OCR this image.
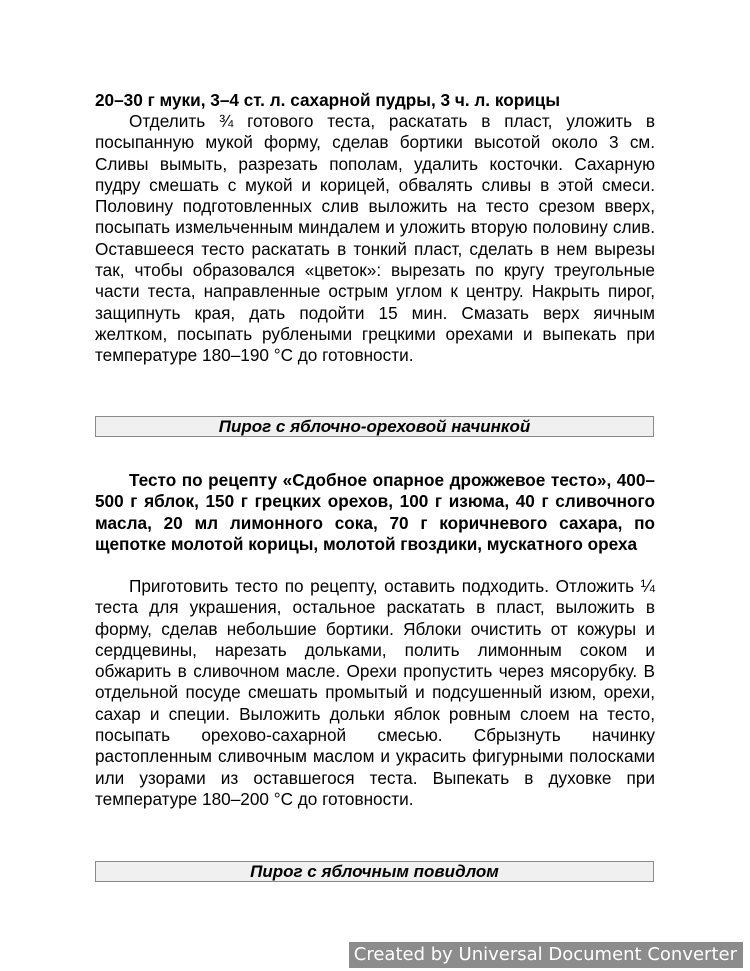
20–30 г муки, 3–4 ст. л. сахарной пудры, 3 ч. л. корицы

Отделить ¾ готового теста, раскатать в пласт, уложить в посыпанную мукой форму, сделав бортики высотой около 3 см. Сливы вымыть, разрезать пополам, удалить косточки. Сахарную пудру смешать с мукой и корицей, обвалять сливы в этой смеси. Половину подготовленных слив выложить на тесто срезом вверх, посыпать измельченным миндалем и уложить вторую половину слив. Оставшееся тесто раскатать в тонкий пласт, сделать в нем вырезы так, чтобы образовался «цветок»: вырезать по кругу треугольные части теста, направленные острым углом к центру. Накрыть пирог, защипнуть края, дать подойти 15 мин. Смазать верх яичным желтком, посыпать рублеными грецкими орехами и выпекать при температуре 180–190 °С до готовности.

Тесто по рецепту «Сдобное опарное дрожжевое тесто», 400–500 г яблок, 150 г грецких орехов, 100 г изюма, 40 г сливочного масла, 20 мл лимонного сока, 70 г коричневого сахара, по щепотке молотой корицы, молотой гвоздики, мускатного ореха

Приготовить тесто по рецепту, оставить подходить. Отложить ¼ теста для украшения, остальное раскатать в пласт, выложить в форму, сделав небольшие бортики. Яблоки очистить от кожуры и сердцевины, нарезать дольками, полить лимонным соком и обжарить в сливочном масле. Орехи пропустить через мясорубку. В отдельной посуде смешать промытый и подсушенный изюм, орехи, сахар и специи. Выложить дольки яблок ровным слоем на тесто, посыпать орехово-сахарной смесью. Сбрызнуть начинку растопленным сливочным маслом и украсить фигурными полосками или узорами из оставшегося теста. Выпекать в духовке при температуре 180–200 °С до готовности.

Пирог с яблочно-ореховой начинкой
Пирог с яблочным повидлом
Created by Universal Document Converter
